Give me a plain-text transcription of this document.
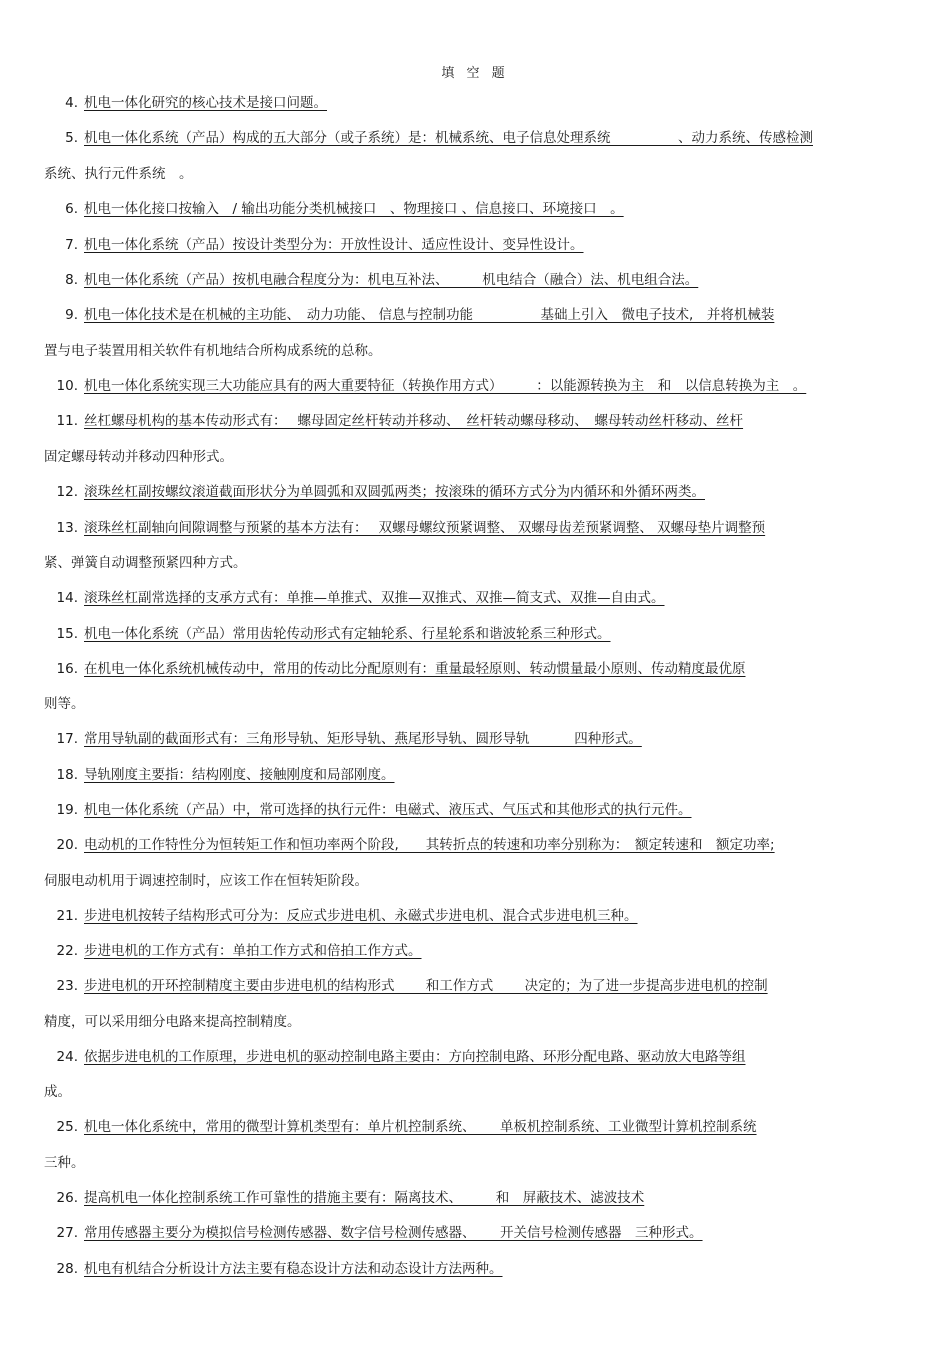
填 空 题
4. 机电一体化研究的核心技术是接口问题。
5. 机电一体化系统（产品）构成的五大部分（或子系统）是：机械系统、电子信息处理系统　　　　　、动力系统、传感检测
系统、执行元件系统　。
6. 机电一体化接口按输入　/ 输出功能分类机械接口　、物理接口 、信息接口、环境接口　。
7. 机电一体化系统（产品）按设计类型分为：开放性设计、适应性设计、变异性设计。
8. 机电一体化系统（产品）按机电融合程度分为：机电互补法、　　　机电结合（融合）法、机电组合法。
9. 机电一体化技术是在机械的主功能、　动力功能、 信息与控制功能　　　　　基础上引入　微电子技术,　并将机械装
置与电子装置用相关软件有机地结合所构成系统的总称。
10. 机电一体化系统实现三大功能应具有的两大重要特征（转换作用方式）　　　：以能源转换为主　和　以信息转换为主　。
11. 丝杠螺母机构的基本传动形式有：　 螺母固定丝杆转动并移动、　丝杆转动螺母移动、　螺母转动丝杆移动、丝杆
固定螺母转动并移动四种形式。
12. 滚珠丝杠副按螺纹滚道截面形状分为单圆弧和双圆弧两类；按滚珠的循环方式分为内循环和外循环两类。
13. 滚珠丝杠副轴向间隙调整与预紧的基本方法有：　 双螺母螺纹预紧调整、 双螺母齿差预紧调整、 双螺母垫片调整预
紧、弹簧自动调整预紧四种方式。
14. 滚珠丝杠副常选择的支承方式有：单推—单推式、双推—双推式、双推—简支式、双推—自由式。
15. 机电一体化系统（产品）常用齿轮传动形式有定轴轮系、行星轮系和谐波轮系三种形式。
16. 在机电一体化系统机械传动中，常用的传动比分配原则有：重量最轻原则、转动惯量最小原则、传动精度最优原
则等。
17. 常用导轨副的截面形式有：三角形导轨、矩形导轨、燕尾形导轨、圆形导轨　　　 四种形式。
18. 导轨刚度主要指：结构刚度、接触刚度和局部刚度。
19. 机电一体化系统（产品）中，常可选择的执行元件：电磁式、液压式、气压式和其他形式的执行元件。
20. 电动机的工作特性分为恒转矩工作和恒功率两个阶段,　　其转折点的转速和功率分别称为：　额定转速和　额定功率;
伺服电动机用于调速控制时，应该工作在恒转矩阶段。
21. 步进电机按转子结构形式可分为：反应式步进电机、永磁式步进电机、混合式步进电机三种。
22. 步进电机的工作方式有：单拍工作方式和倍拍工作方式。
23. 步进电机的开环控制精度主要由步进电机的结构形式　　 和工作方式　　 决定的；为了进一步提高步进电机的控制
精度，可以采用细分电路来提高控制精度。
24. 依据步进电机的工作原理，步进电机的驱动控制电路主要由：方向控制电路、环形分配电路、驱动放大电路等组
成。
25. 机电一体化系统中，常用的微型计算机类型有：单片机控制系统、　　 单板机控制系统、工业微型计算机控制系统
三种。
26. 提高机电一体化控制系统工作可靠性的措施主要有：隔离技术、　　　和　屏蔽技术、滤波技术
27. 常用传感器主要分为模拟信号检测传感器、数字信号检测传感器、　　 开关信号检测传感器　三种形式。
28. 机电有机结合分析设计方法主要有稳态设计方法和动态设计方法两种。
